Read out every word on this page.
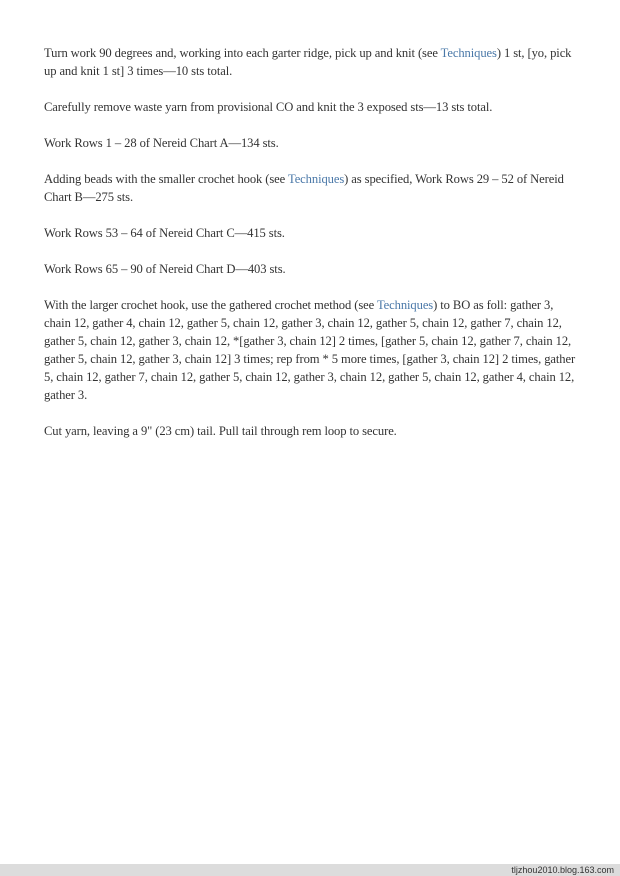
Turn work 90 degrees and, working into each garter ridge, pick up and knit (see Techniques) 1 st, [yo, pick up and knit 1 st] 3 times—10 sts total.

Carefully remove waste yarn from provisional CO and knit the 3 exposed sts—13 sts total.

Work Rows 1 – 28 of Nereid Chart A—134 sts.

Adding beads with the smaller crochet hook (see Techniques) as specified, Work Rows 29 – 52 of Nereid Chart B—275 sts.

Work Rows 53 – 64 of Nereid Chart C—415 sts.

Work Rows 65 – 90 of Nereid Chart D—403 sts.

With the larger crochet hook, use the gathered crochet method (see Techniques) to BO as foll: gather 3, chain 12, gather 4, chain 12, gather 5, chain 12, gather 3, chain 12, gather 5, chain 12, gather 7, chain 12, gather 5, chain 12, gather 3, chain 12, *[gather 3, chain 12] 2 times, [gather 5, chain 12, gather 7, chain 12, gather 5, chain 12, gather 3, chain 12] 3 times; rep from * 5 more times, [gather 3, chain 12] 2 times, gather 5, chain 12, gather 7, chain 12, gather 5, chain 12, gather 3, chain 12, gather 5, chain 12, gather 4, chain 12, gather 3.

Cut yarn, leaving a 9" (23 cm) tail. Pull tail through rem loop to secure.

tljzhou2010.blog.163.com
